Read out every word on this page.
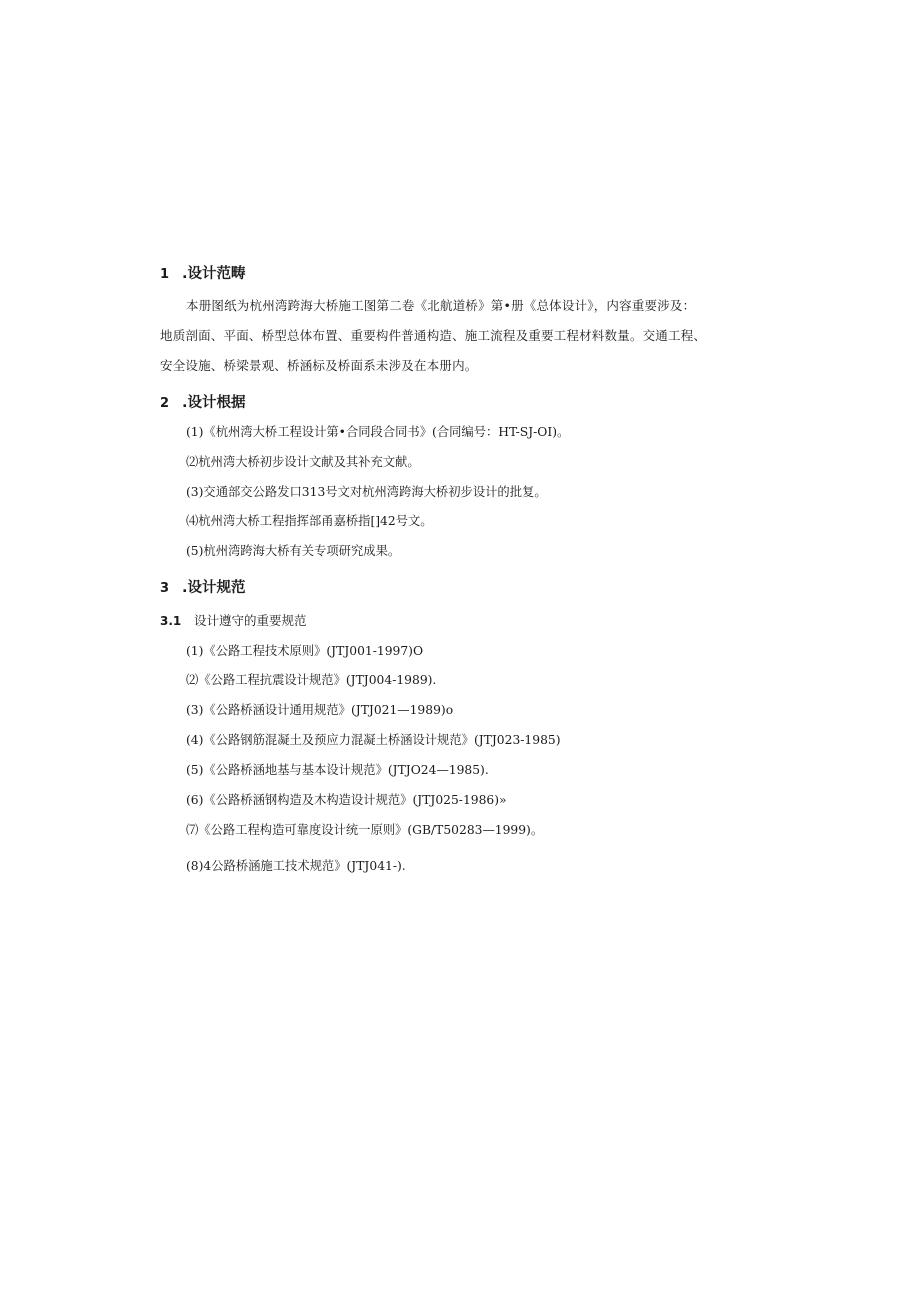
1 .设计范畴
本册图纸为杭州湾跨海大桥施工图第二卷《北航道桥》第•册《总体设计》，内容重要涉及：
地质剖面、平面、桥型总体布置、重要构件普通构造、施工流程及重要工程材料数量。交通工程、
安全设施、桥梁景观、桥涵标及桥面系未涉及在本册内。
2 .设计根据
(1)《杭州湾大桥工程设计第•合同段合同书》(合同编号：HT-SJ-OI)。
⑵杭州湾大桥初步设计文献及其补充文献。
(3)交通部交公路发口313号文对杭州湾跨海大桥初步设计的批复。
⑷杭州湾大桥工程指挥部甬嘉桥指[]42号文。
(5)杭州湾跨海大桥有关专项研究成果。
3 .设计规范
3.1 设计遵守的重要规范
(1)《公路工程技术原则》(JTJ001-1997)O
⑵《公路工程抗震设计规范》(JTJ004-1989).
(3)《公路桥涵设计通用规范》(JTJ021—1989)o
(4)《公路钢筋混凝土及预应力混凝土桥涵设计规范》(JTJ023-1985)
(5)《公路桥涵地基与基本设计规范》(JTJO24—1985).
(6)《公路桥涵钢构造及木构造设计规范》(JTJ025-1986)»
⑺《公路工程构造可靠度设计统一原则》(GB/T50283—1999)。
(8)4公路桥涵施工技术规范》(JTJ041-).
